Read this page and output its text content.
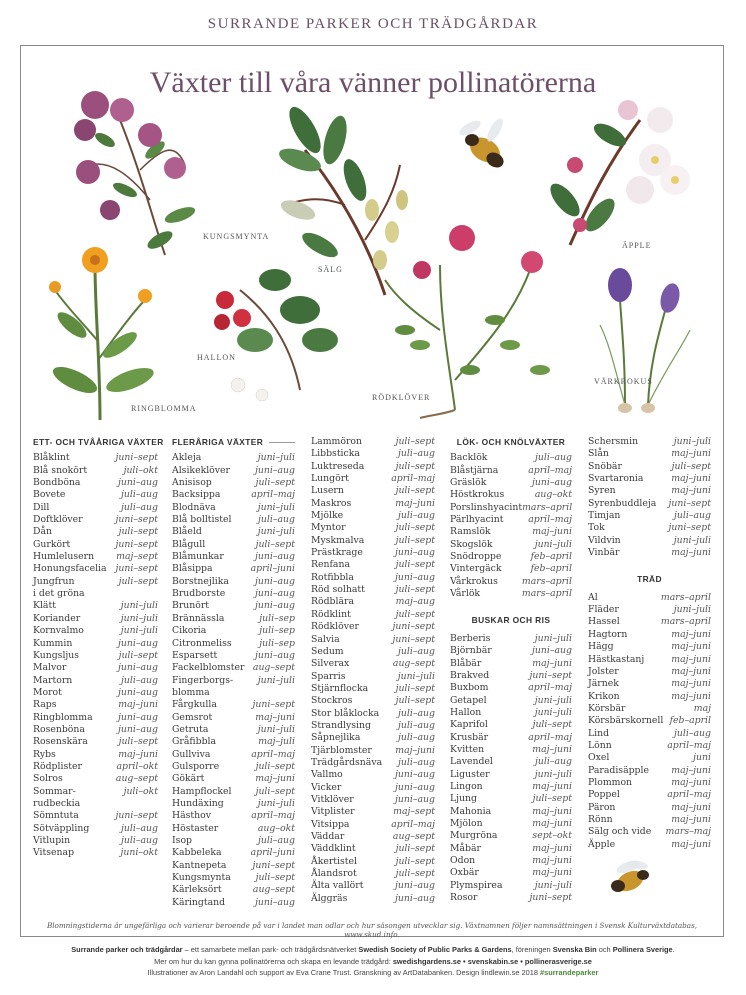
SURRANDE PARKER OCH TRÄDGÅRDAR
Växter till våra vänner pollinatörerna
KUNGSMYNTA
SÄLG
ÄPPLE
HALLON
RINGBLOMMA
RÖDKLÖVER
VÅRKROKUS
ETT- OCH TVÅÅRIGA VÄXTER
Blåklint	juni–sept
Blå snokört	juli–okt
Bondböna	juni–aug
Bovete	juli–aug
Dill	juli–aug
Doftklöver	juni–sept
Dån	juli–sept
Gurkört	juni–sept
Humlelusern maj–sept
Honungsfacelia juni–sept
Jungfrun	juli–sept
i det gröna
Klätt	juni–juli
Koriander	juni–juli
Kornvalmo	juni–juli
Kummin	juni–aug
Kungsljus	juli–sept
Malvor	juni–aug
Martorn	juli–aug
Morot	juni–aug
Raps	maj–juni
Ringblomma	juni–aug
Rosenböna	juni–aug
Rosenskära	juli–sept
Rybs	maj–juni
Rödplister	april–okt
Solros	aug–sept
Sommar-	juli–okt
rudbeckia
Sömntuta	juni–sept
Sötväppling	juli–aug
Vitlupin	juli–aug
Vitsenap	juni–okt
FLERÅRIGA VÄXTER
Akleja	juni–juli
Alsikeklöver	juni–aug
Anisisop	juli–sept
Backsippa	april–maj
Blodnäva	juni–juli
Blå bolltistel	juli–aug
Blåeld	juni–juli
Blågull	juli–sept
Blåmunkar	juni–aug
Blåsippa	april–juni
Borstnejlika	juni–aug
Brudborste	juni–aug
Brunört	juni–aug
Brännässla	juli–sep
Cikoria	juli–sep
Citronmeliss	juli–sep
Esparsett	juni–aug
Fackelblomster aug–sept
Fingerborgs-	juni–juli
blomma
Fårgkulla	juni–sept
Gemsrot	maj–juni
Getruta	juni–juli
Gråfibbla	maj–juli
Gullviva	april–maj
Gulsporre	juli–sept
Gökärt	maj–juni
Hampflockel	juli–sept
Hundäxing	juni–juli
Hästhov	april–maj
Höstaster	aug–okt
Isop	juli–aug
Kabbeleka	april–juni
Kantnepeta	juni–sept
Kungsmynta	juli–sept
Kärleksört	aug–sept
Käringtand	juni–aug
Lammöron	juli–sept
Libbsticka	juli–aug
Luktreseda	juli–sept
Lungört	april–maj
Lusern	juli–sept
Maskros	maj–juni
Mjölke	juli–aug
Myntor	juli–sept
Myskmalva	juli–sept
Prästkrage	juni–aug
Renfana	juli–sept
Rotfibbla	juni–aug
Röd solhatt	juli–sept
Rödblära	maj–aug
Rödklint	juli–sept
Rödklöver	juni–sept
Salvia	juni–sept
Sedum	juli–aug
Silverax	aug–sept
Sparris	juni–juli
Stjärnflocka	juli–sept
Stockros	juli–sept
Stor blåklocka juli–aug
Strandlysing	juli–aug
Såpnejlika	juli–aug
Tjärblomster	maj–juni
Trädgårdsnäva juli–aug
Vallmo	juni–aug
Vicker	juni–aug
Vitklöver	juni–aug
Vitplister	maj–sept
Vitsippa	april–maj
Väddar	aug–sept
Väddklint	juli–sept
Åkertistel	juli–sept
Ålandsrot	juli–sept
Älta vallört	juni–aug
Älggräs	juni–aug
LÖK- OCH KNÖLVÄXTER
Backlök	juli–aug
Blåstjärna	april–maj
Gräslök	juni–aug
Höstkrokus	aug–okt
Porslinshyacint mars–april
Pärlhyacint	april–maj
Ramslök	maj–juni
Skogslök	juni–juli
Snödroppe	feb–april
Vintergäck	feb–april
Vårkrokus	mars–april
Vårlök	mars–april
BUSKAR OCH RIS
Berberis	juni–juli
Björnbär	juni–aug
Blåbär	maj–juni
Brakved	juni–sept
Buxbom	april–maj
Getapel	juni–juli
Hallon	juni–juli
Kaprifol	juli–sept
Krusbär	april–maj
Kvitten	maj–juni
Lavendel	juli–aug
Liguster	juni–juli
Lingon	maj–juni
Ljung	juli–sept
Mahonia	maj–juni
Mjölon	maj–juni
Murgröna	sept–okt
Måbär	maj–juni
Odon	maj–juni
Oxbär	maj–juni
Plymspirea	juni–juli
Rosor	juni–sept
Schersmin	juni–juli
Slån	maj–juni
Snöbär	juli–sept
Svartaronia	maj–juni
Syren	maj–juni
Syrenbuddleja juni–sept
Timjan	juli–aug
Tok	juni–sept
Vildvin	juni–juli
Vinbär	maj–juni
TRÄD
Al	mars–april
Fläder	juni–juli
Hassel	mars–april
Hagtorn	maj–juni
Hägg	maj–juni
Hästkastanj	maj–juni
Jolster	maj–juni
Järnek	maj–juni
Krikon	maj–juni
Körsbär	maj
Körsbärskornell feb–april
Lind	juli–aug
Lönn	april–maj
Oxel	juni
Paradisäpple maj–juni
Plommon	maj–juni
Poppel	april–maj
Päron	maj–juni
Rönn	maj–juni
Sälg och vide mars–maj
Äpple	maj–juni
Blomningstiderna är ungefärliga och varierar beroende på var i landet man odlar och hur säsongen utvecklar sig. Växtnamnen följer namnsättningen i Svensk Kulturväxtdatabas, www.skud.info.
Surrande parker och trädgårdar – ett samarbete mellan park- och trädgårdsnätverket Swedish Society of Public Parks & Gardens, föreningen Svenska Bin och Pollinera Sverige.
Mer om hur du kan gynna pollinatörerna och skapa en levande trädgård: swedishgardens.se • svenskabin.se • pollinerasverige.se
Illustrationer av Aron Landahl och support av Eva Crane Trust. Granskning av ArtDatabanken. Design lindlewin.se 2018 #surrandeparker
